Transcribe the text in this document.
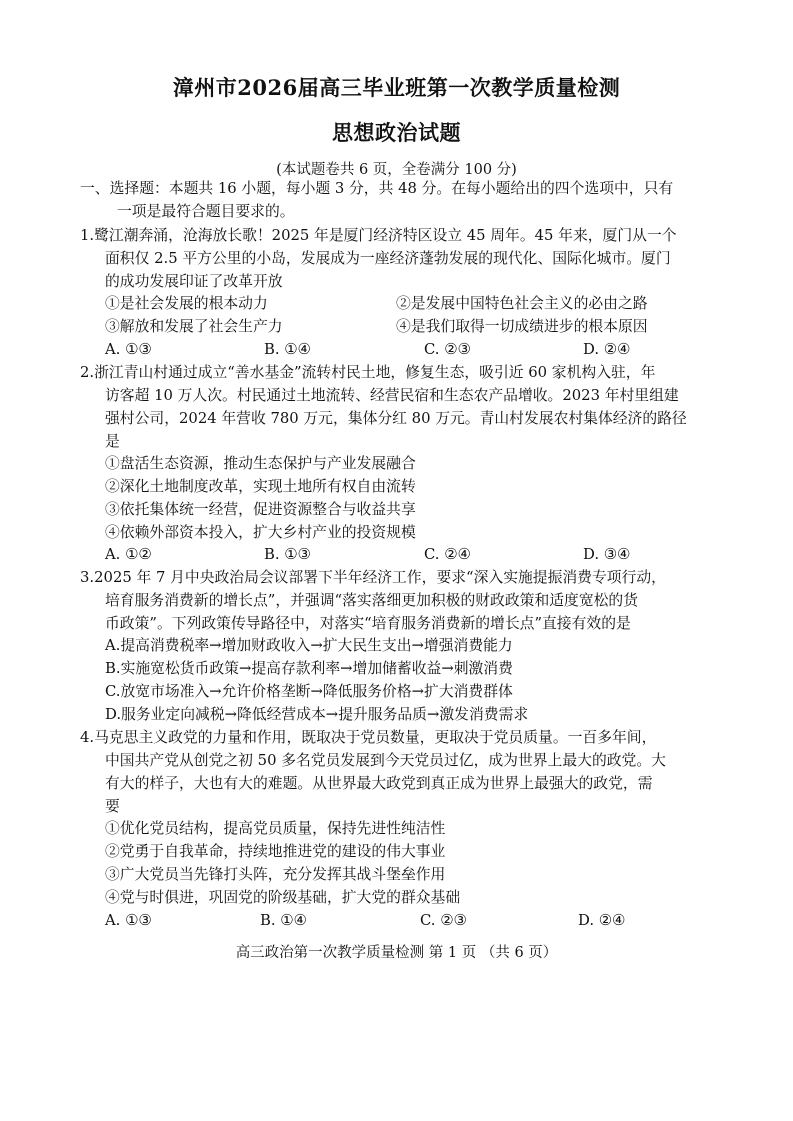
漳州市2026届高三毕业班第一次教学质量检测
思想政治试题
(本试题卷共 6 页，全卷满分 100 分)
一、选择题：本题共 16 小题，每小题 3 分，共 48 分。在每小题给出的四个选项中，只有
一项是最符合题目要求的。
1.鹭江潮奔涌，沧海放长歌！2025 年是厦门经济特区设立 45 周年。45 年来，厦门从一个
面积仅 2.5 平方公里的小岛，发展成为一座经济蓬勃发展的现代化、国际化城市。厦门
的成功发展印证了改革开放
①是社会发展的根本动力	②是发展中国特色社会主义的必由之路
③解放和发展了社会生产力	④是我们取得一切成绩进步的根本原因
A. ①③	B. ①④	C. ②③	D. ②④
2.浙江青山村通过成立“善水基金”流转村民土地，修复生态，吸引近 60 家机构入驻，年
访客超 10 万人次。村民通过土地流转、经营民宿和生态农产品增收。2023 年村里组建
强村公司，2024 年营收 780 万元，集体分红 80 万元。青山村发展农村集体经济的路径
是
①盘活生态资源，推动生态保护与产业发展融合
②深化土地制度改革，实现土地所有权自由流转
③依托集体统一经营，促进资源整合与收益共享
④依赖外部资本投入，扩大乡村产业的投资规模
A. ①②	B. ①③	C. ②④	D. ③④
3.2025 年 7 月中央政治局会议部署下半年经济工作，要求“深入实施提振消费专项行动，
培育服务消费新的增长点”，并强调“落实落细更加积极的财政政策和适度宽松的货
币政策”。下列政策传导路径中，对落实“培育服务消费新的增长点”直接有效的是
A.提高消费税率→增加财政收入→扩大民生支出→增强消费能力
B.实施宽松货币政策→提高存款利率→增加储蓄收益→刺激消费
C.放宽市场准入→允许价格垄断→降低服务价格→扩大消费群体
D.服务业定向减税→降低经营成本→提升服务品质→激发消费需求
4.马克思主义政党的力量和作用，既取决于党员数量，更取决于党员质量。一百多年间，
中国共产党从创党之初 50 多名党员发展到今天党员过亿，成为世界上最大的政党。大
有大的样子，大也有大的难题。从世界最大政党到真正成为世界上最强大的政党，需
要
①优化党员结构，提高党员质量，保持先进性纯洁性
②党勇于自我革命，持续地推进党的建设的伟大事业
③广大党员当先锋打头阵，充分发挥其战斗堡垒作用
④党与时俱进，巩固党的阶级基础，扩大党的群众基础
A. ①③	B. ①④	C. ②③	D. ②④
高三政治第一次教学质量检测 第 1 页 （共 6 页）
